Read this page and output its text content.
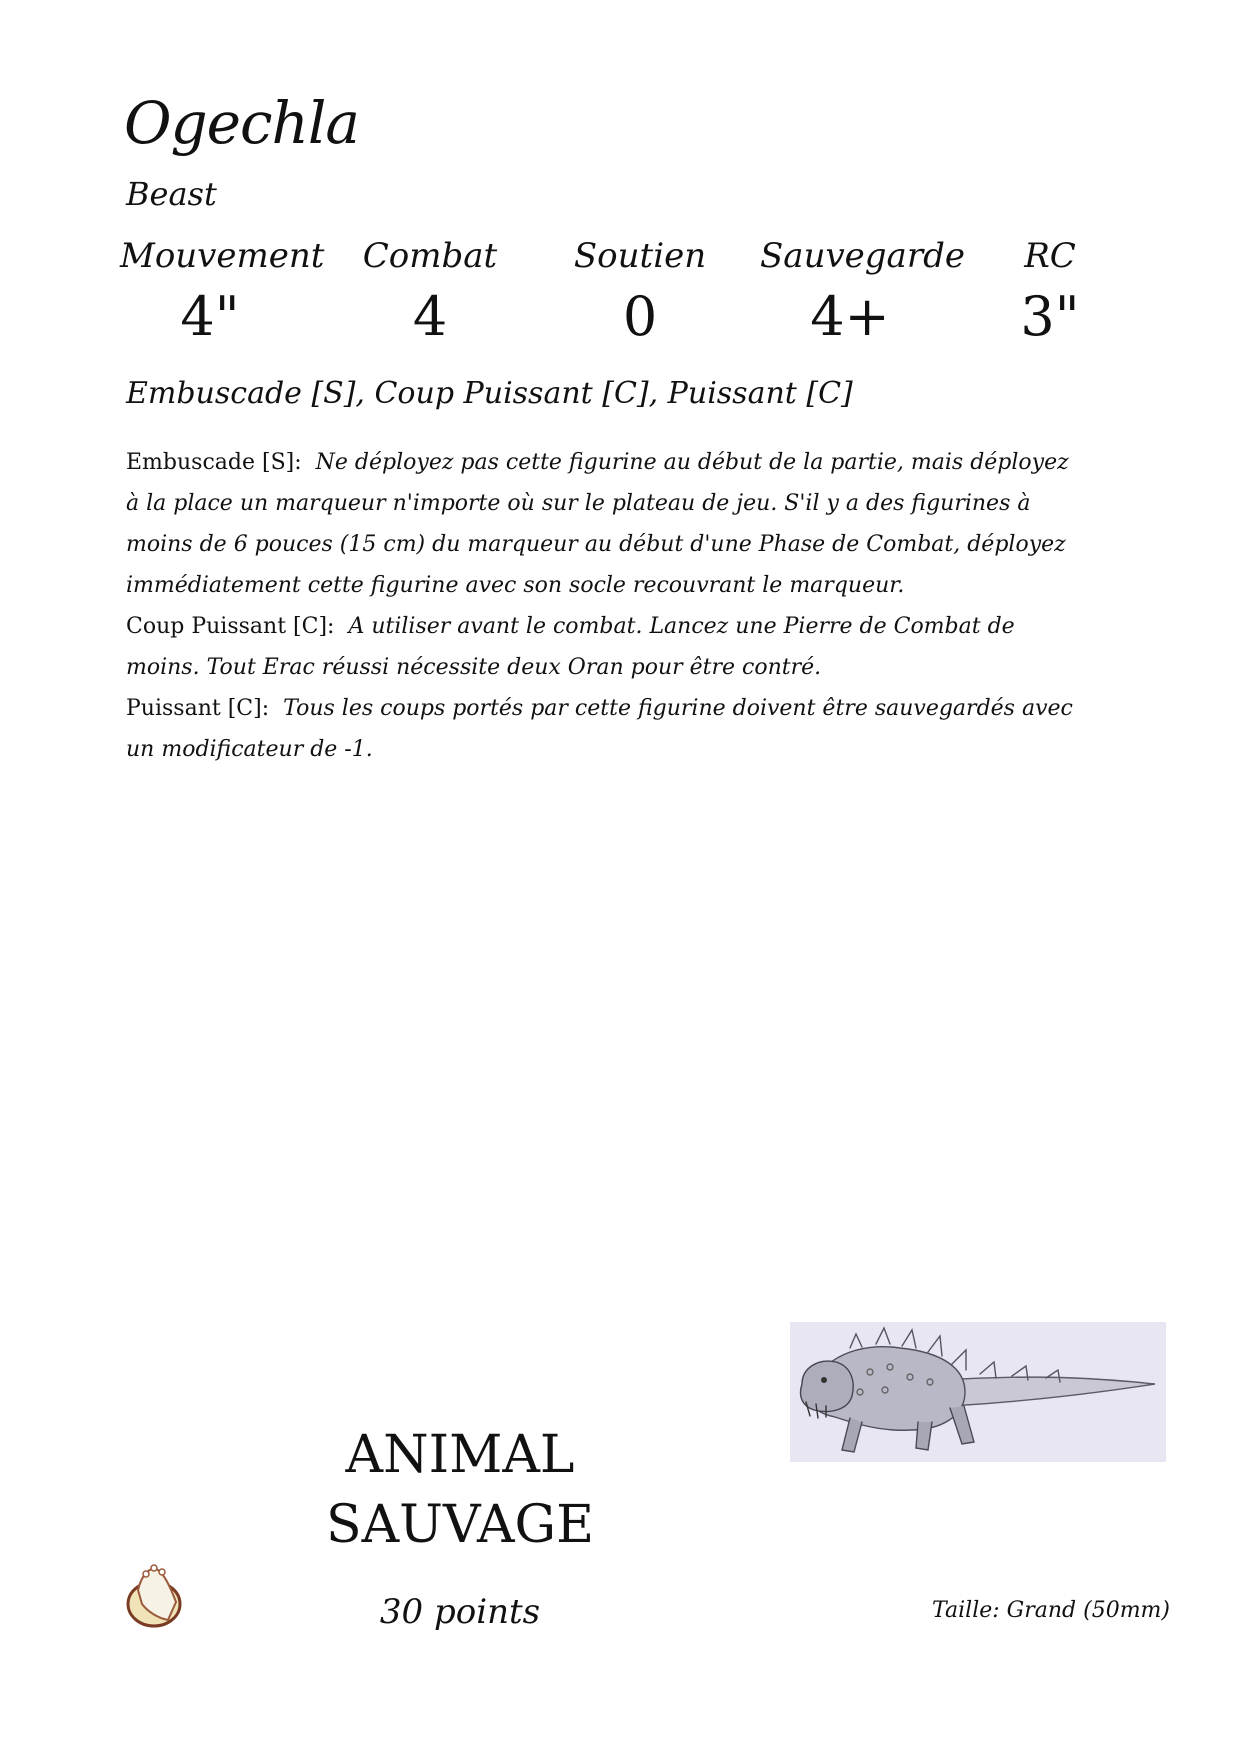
Ogechla
Beast
Mouvement
4"
Combat
4
Soutien
0
Sauvegarde
4+
RC
3"
Embuscade [S], Coup Puissant [C], Puissant [C]

Embuscade [S]: Ne déployez pas cette figurine au début de la partie, mais déployez à la place un marqueur n'importe où sur le plateau de jeu. S'il y a des figurines à moins de 6 pouces (15 cm) du marqueur au début d'une Phase de Combat, déployez immédiatement cette figurine avec son socle recouvrant le marqueur.

Coup Puissant [C]: A utiliser avant le combat. Lancez une Pierre de Combat de moins. Tout Erac réussi nécessite deux Oran pour être contré.

Puissant [C]: Tous les coups portés par cette figurine doivent être sauvegardés avec un modificateur de -1.

ANIMAL
SAUVAGE
30 points	Taille: Grand (50mm)
